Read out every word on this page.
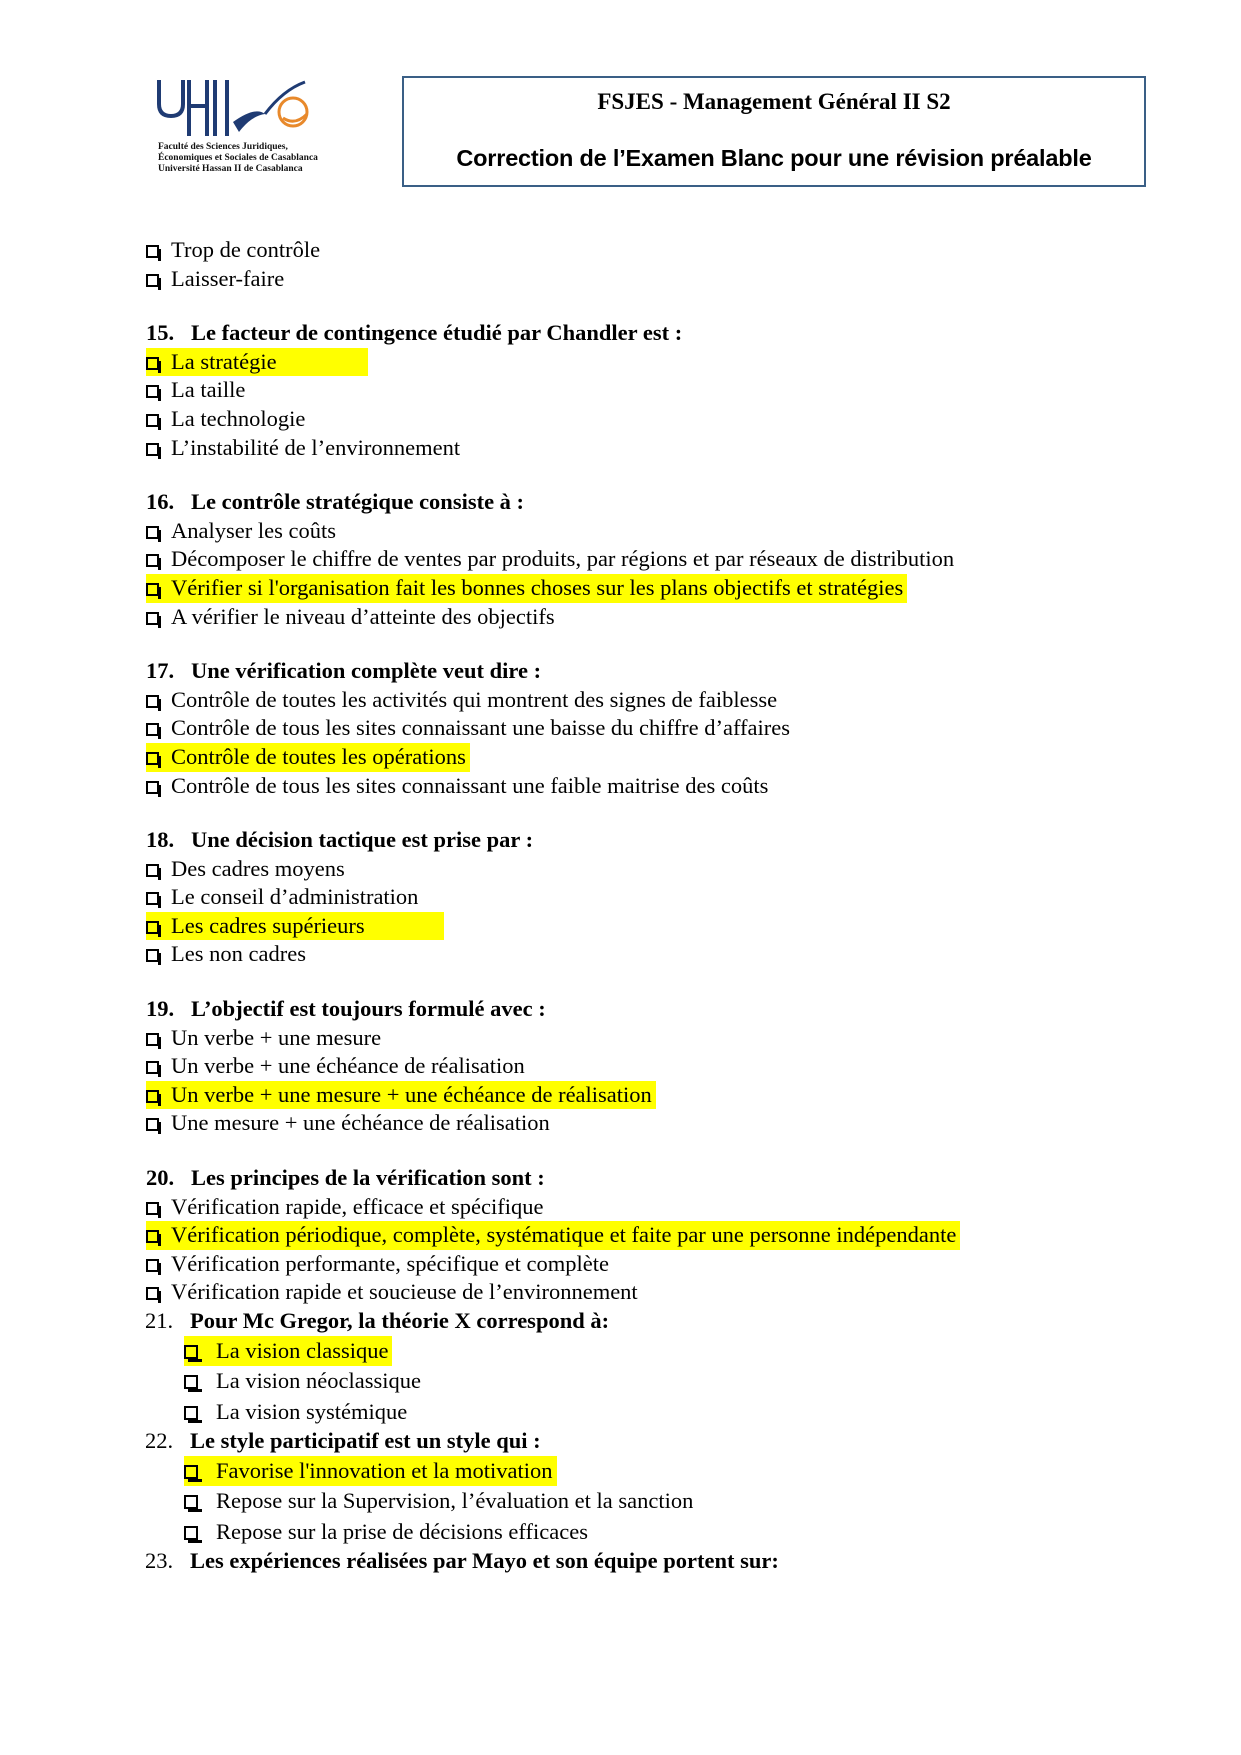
Faculté des Sciences Juridiques,
Économiques et Sociales de Casablanca
Université Hassan II de Casablanca
FSJES - Management Général II S2
Correction de l’Examen Blanc pour une révision préalable
Trop de contrôle
Laisser-faire
15. Le facteur de contingence étudié par Chandler est :
La stratégie
La taille
La technologie
L’instabilité de l’environnement
16. Le contrôle stratégique consiste à :
Analyser les coûts
Décomposer le chiffre de ventes par produits, par régions et par réseaux de distribution
Vérifier si l'organisation fait les bonnes choses sur les plans objectifs et stratégies
A vérifier le niveau d’atteinte des objectifs
17. Une vérification complète veut dire :
Contrôle de toutes les activités qui montrent des signes de faiblesse
Contrôle de tous les sites connaissant une baisse du chiffre d’affaires
Contrôle de toutes les opérations
Contrôle de tous les sites connaissant une faible maitrise des coûts
18. Une décision tactique est prise par :
Des cadres moyens
Le conseil d’administration
Les cadres supérieurs
Les non cadres
19. L’objectif est toujours formulé avec :
Un verbe + une mesure
Un verbe + une échéance de réalisation
Un verbe + une mesure + une échéance de réalisation
Une mesure + une échéance de réalisation
20. Les principes de la vérification sont :
Vérification rapide, efficace et spécifique
Vérification périodique, complète, systématique et faite par une personne indépendante
Vérification performante, spécifique et complète
Vérification rapide et soucieuse de l’environnement
21. Pour Mc Gregor, la théorie X correspond à:
La vision classique
La vision néoclassique
La vision systémique
22. Le style participatif est un style qui :
Favorise l'innovation et la motivation
Repose sur la Supervision, l’évaluation et la sanction
Repose sur la prise de décisions efficaces
23. Les expériences réalisées par Mayo et son équipe portent sur:
